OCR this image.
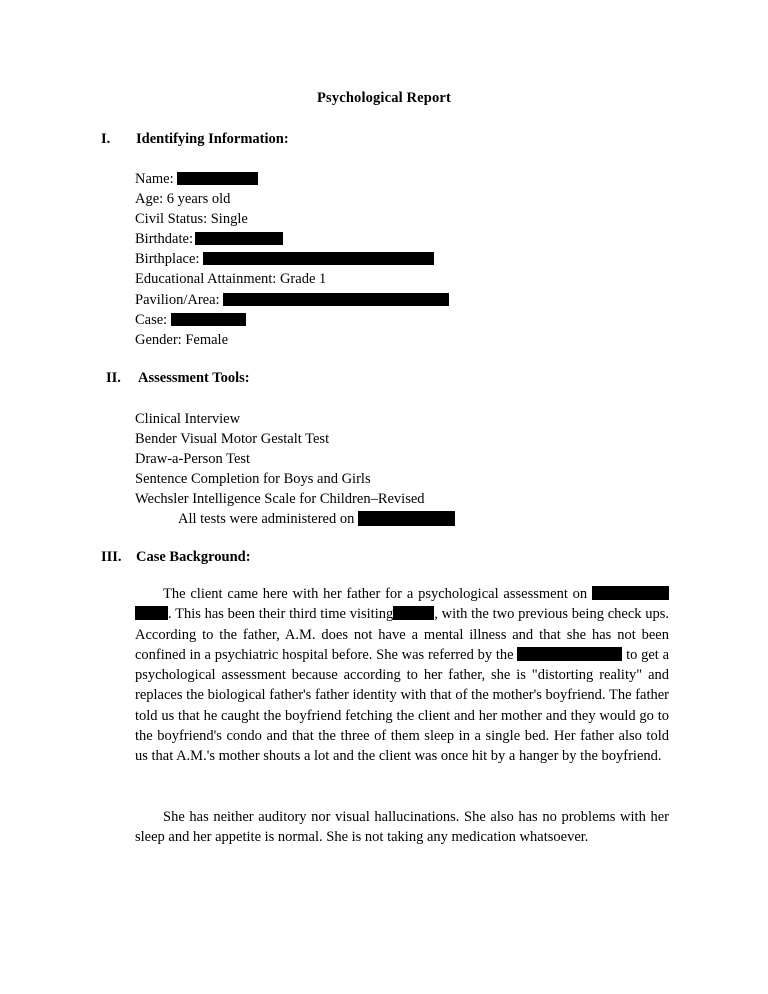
Psychological Report
I. Identifying Information:
Name:
Age: 6 years old
Civil Status: Single
Birthdate:
Birthplace:
Educational Attainment: Grade 1
Pavilion/Area:
Case:
Gender: Female
II. Assessment Tools:
Clinical Interview
Bender Visual Motor Gestalt Test
Draw-a-Person Test
Sentence Completion for Boys and Girls
Wechsler Intelligence Scale for Children–Revised
All tests were administered on
III. Case Background:
The client came here with her father for a psychological assessment on . This has been their third time visiting	, with the two previous being check ups. According to the father, A.M. does not have a mental illness and that she has not been confined in a psychiatric hospital before. She was referred by the	to get a psychological assessment because according to her father, she is "distorting reality" and replaces the biological father's father identity with that of the mother's boyfriend. The father told us that he caught the boyfriend fetching the client and her mother and they would go to the boyfriend's condo and that the three of them sleep in a single bed. Her father also told us that A.M.'s mother shouts a lot and the client was once hit by a hanger by the boyfriend.
She has neither auditory nor visual hallucinations. She also has no problems with her sleep and her appetite is normal. She is not taking any medication whatsoever.
